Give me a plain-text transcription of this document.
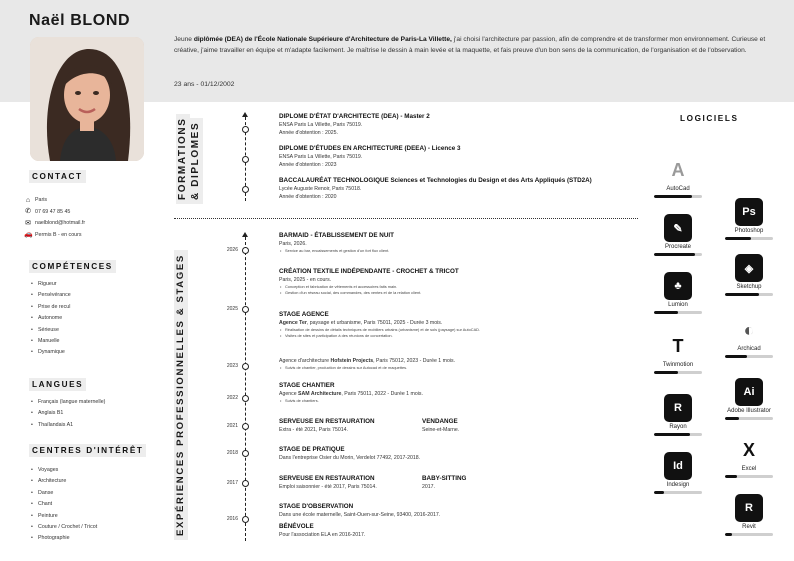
Naël BLOND
Jeune diplômée (DEA) de l'École Nationale Supérieure d'Architecture de Paris-La Villette, j'ai choisi l'architecture par passion, afin de comprendre et de transformer mon environnement. Curieuse et créative, j'aime travailler en équipe et m'adapte facilement. Je maîtrise le dessin à main levée et la maquette, et fais preuve d'un bon sens de la communication, de l'organisation et de l'observation.
23 ans - 01/12/2002
CONTACT
⌂ Paris
✆ 07 69 47 85 45
✉ naelblond@hotmail.fr
🚗 Permis B - en cours
COMPÉTENCES
• Rigueur
• Persévérance
• Prise de recul
• Autonome
• Sérieuse
• Manuelle
• Dynamique
LANGUES
• Français (langue maternelle)
• Anglais B1
• Thaïlandais A1
CENTRES D'INTÉRÊT
• Voyages
• Architecture
• Danse
• Chant
• Peinture
• Couture / Crochet / Tricot
• Photographie
FORMATIONS & DIPLOMES
DIPLOME D'ÉTAT D'ARCHITECTE (DEA) - Master 2
ENSA Paris La Villette, Paris 75019.
Année d'obtention : 2025.
DIPLOME D'ÉTUDES EN ARCHITECTURE (DEEA) - Licence 3
ENSA Paris La Villette, Paris 75019.
Année d'obtention : 2023
BACCALAURÉAT TECHNOLOGIQUE Sciences et Technologies du Design et des Arts Appliqués (STD2A)
Lycée Auguste Renoir, Paris 75018.
Année d'obtention : 2020
EXPÉRIENCES PROFESSIONNELLES & STAGES
2026
2025
2023
2022
2021
2018
2017
2016
BARMAID - ÉTABLISSEMENT DE NUIT
Paris, 2026.
• Service au bar, encaissements et gestion d'un fort flux client.
CRÉATION TEXTILE INDÉPENDANTE - CROCHET & TRICOT
Paris, 2025 - en cours.
• Conception et fabrication de vêtements et accessoires faits main.
• Gestion d'un réseau social, des commandes, des ventes et de la relation client.
STAGE AGENCE
Agence Ter, paysage et urbanisme, Paris 75011, 2025 - Durée 3 mois.
• Réalisation de dessins de détails techniques de mobiliers urbains (urbanisme) et de sols (paysage) sur AutoCAD.
• Visites de sites et participation à des réunions de concertation.
Agence d'architecture Hofstein Projects, Paris 75012, 2023 - Durée 1 mois.
• Suivis de chantier, production de dessins sur Autocad et de maquettes.
STAGE CHANTIER
Agence SAM Architecture, Paris 75011, 2022 - Durée 1 mois.
• Suivis de chantiers.
SERVEUSE EN RESTAURATION
Extra - été 2021, Paris 75014.
VENDANGE
Seine-et-Marne.
STAGE DE PRATIQUE
Dans l'entreprise Osier du Morin, Verdelot 77492, 2017-2018.
SERVEUSE EN RESTAURATION
Emploi saisonnier - été 2017, Paris 75014.
BABY-SITTING
2017.
STAGE D'OBSERVATION
Dans une école maternelle, Saint-Ouen-sur-Seine, 93400, 2016-2017.
BÉNÉVOLE
Pour l'association ELA en 2016-2017.
LOGICIELS
A
AutoCad
Ps
Photoshop
✎
Procreate
◈
Sketchup
♣
Lumion
◐
Archicad
T
Twinmotion
Ai
Adobe Illustrator
R
Rayon
X
Excel
Id
Indesign
R
Revit
